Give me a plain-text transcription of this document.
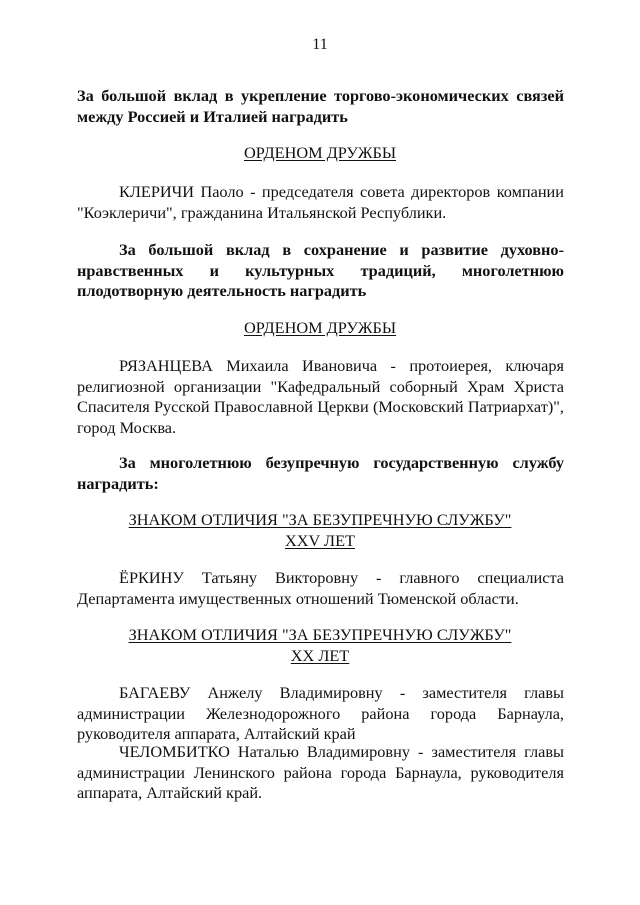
11
За большой вклад в укрепление торгово-экономических связей между Россией и Италией наградить
ОРДЕНОМ ДРУЖБЫ
КЛЕРИЧИ Паоло - председателя совета директоров компании "Коэклеричи", гражданина Итальянской Республики.
За большой вклад в сохранение и развитие духовно-нравственных и культурных традиций, многолетнюю плодотворную деятельность наградить
ОРДЕНОМ ДРУЖБЫ
РЯЗАНЦЕВА Михаила Ивановича - протоиерея, ключаря религиозной организации "Кафедральный соборный Храм Христа Спасителя Русской Православной Церкви (Московский Патриархат)", город Москва.
За многолетнюю безупречную государственную службу наградить:
ЗНАКОМ ОТЛИЧИЯ "ЗА БЕЗУПРЕЧНУЮ СЛУЖБУ"
XXV ЛЕТ
ЁРКИНУ Татьяну Викторовну - главного специалиста Департамента имущественных отношений Тюменской области.
ЗНАКОМ ОТЛИЧИЯ "ЗА БЕЗУПРЕЧНУЮ СЛУЖБУ"
XX ЛЕТ
БАГАЕВУ Анжелу Владимировну - заместителя главы администрации Железнодорожного района города Барнаула, руководителя аппарата, Алтайский край
ЧЕЛОМБИТКО Наталью Владимировну - заместителя главы администрации Ленинского района города Барнаула, руководителя аппарата, Алтайский край.
